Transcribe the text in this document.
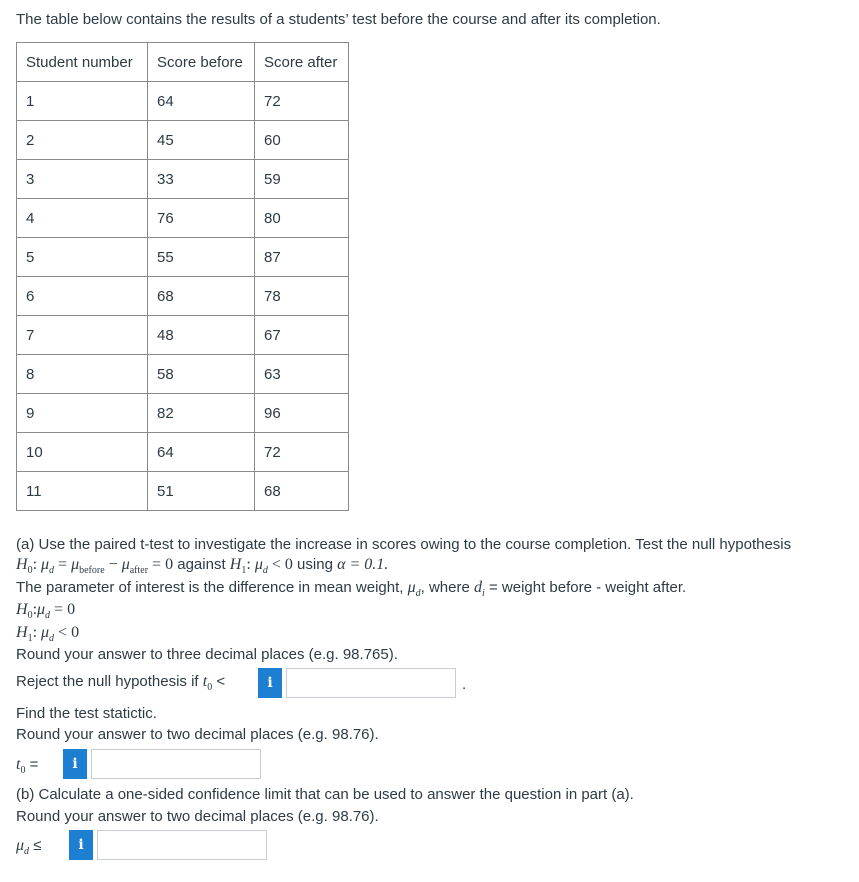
The table below contains the results of a students’ test before the course and after its completion.
Student number	Score before	Score after
1	64	72
2	45	60
3	33	59
4	76	80
5	55	87
6	68	78
7	48	67
8	58	63
9	82	96
10	64	72
11	51	68
(a) Use the paired t-test to investigate the increase in scores owing to the course completion. Test the null hypothesis
$H_0$: $\mu_d = \mu_{before} - \mu_{after} = 0$ against $H_1$: $\mu_d < 0$ using α = 0.1.
The parameter of interest is the difference in mean weight, $\mu_d$, where $d_i$ = weight before - weight after.
$H_0:\mu_d = 0$
$H_1$: $\mu_d < 0$
Round your answer to three decimal places (e.g. 98.765).
Reject the null hypothesis if $t_0$ <	i	.
Find the test statictic.
Round your answer to two decimal places (e.g. 98.76).
$t_0$ =	i
(b) Calculate a one-sided confidence limit that can be used to answer the question in part (a).
Round your answer to two decimal places (e.g. 98.76).
$\mu_d$ ≤	i
